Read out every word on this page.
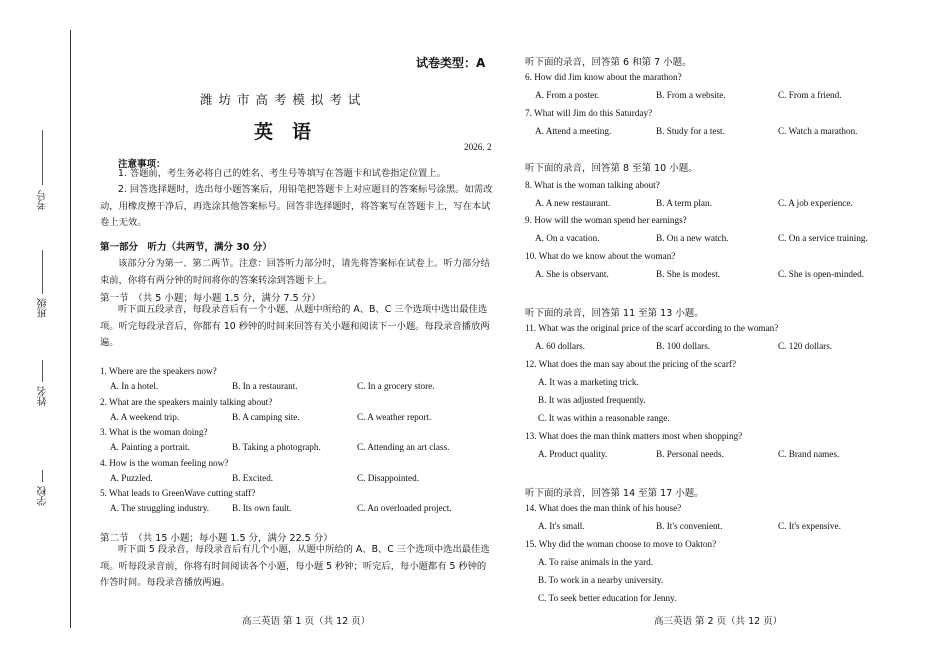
考号
班级
姓名
学校
试卷类型：A
潍 坊 市 高 考 模 拟 考 试
英　语
2026. 2
注意事项：
1. 答题前，考生务必将自己的姓名、考生号等填写在答题卡和试卷指定位置上。
2. 回答选择题时，选出每小题答案后，用铅笔把答题卡上对应题目的答案标号涂黑。如需改动，用橡皮擦干净后，再选涂其他答案标号。回答非选择题时，将答案写在答题卡上，写在本试卷上无效。
第一部分　听力（共两节，满分 30 分）
该部分分为第一、第二两节。注意：回答听力部分时，请先将答案标在试卷上。听力部分结束前，你将有两分钟的时间将你的答案转涂到答题卡上。
第一节　（共 5 小题；每小题 1.5 分，满分 7.5 分）
听下面五段录音，每段录音后有一个小题，从题中所给的 A、B、C 三个选项中选出最佳选项。听完每段录音后，你都有 10 秒钟的时间来回答有关小题和阅读下一小题。每段录音播放两遍。
1. Where are the speakers now?
A. In a hotel.	B. In a restaurant.	C. In a grocery store.
2. What are the speakers mainly talking about?
A. A weekend trip.	B. A camping site.	C. A weather report.
3. What is the woman doing?
A. Painting a portrait.	B. Taking a photograph.	C. Attending an art class.
4. How is the woman feeling now?
A. Puzzled.	B. Excited.	C. Disappointed.
5. What leads to GreenWave cutting staff?
A. The struggling industry. B. Its own fault.	C. An overloaded project.
第二节　（共 15 小题；每小题 1.5 分，满分 22.5 分）
听下面 5 段录音，每段录音后有几个小题，从题中所给的 A、B、C 三个选项中选出最佳选项。听每段录音前，你将有时间阅读各个小题，每小题 5 秒钟；听完后，每小题都有 5 秒钟的作答时间。每段录音播放两遍。
高三英语 第 1 页（共 12 页）
听下面的录音，回答第 6 和第 7 小题。
6. How did Jim know about the marathon?
A. From a poster.	B. From a website.	C. From a friend.
7. What will Jim do this Saturday?
A. Attend a meeting.	B. Study for a test.	C. Watch a marathon.
听下面的录音，回答第 8 至第 10 小题。
8. What is the woman talking about?
A. A new restaurant.	B. A term plan.	C. A job experience.
9. How will the woman spend her earnings?
A. On a vacation.	B. On a new watch.	C. On a service training.
10. What do we know about the woman?
A. She is observant.	B. She is modest.	C. She is open-minded.
听下面的录音，回答第 11 至第 13 小题。
11. What was the original price of the scarf according to the woman?
A. 60 dollars.	B. 100 dollars.	C. 120 dollars.
12. What does the man say about the pricing of the scarf?
A. It was a marketing trick.
B. It was adjusted frequently.
C. It was within a reasonable range.
13. What does the man think matters most when shopping?
A. Product quality.	B. Personal needs.	C. Brand names.
听下面的录音，回答第 14 至第 17 小题。
14. What does the man think of his house?
A. It's small.	B. It's convenient.	C. It's expensive.
15. Why did the woman choose to move to Oakton?
A. To raise animals in the yard.
B. To work in a nearby university.
C. To seek better education for Jenny.
高三英语 第 2 页（共 12 页）
